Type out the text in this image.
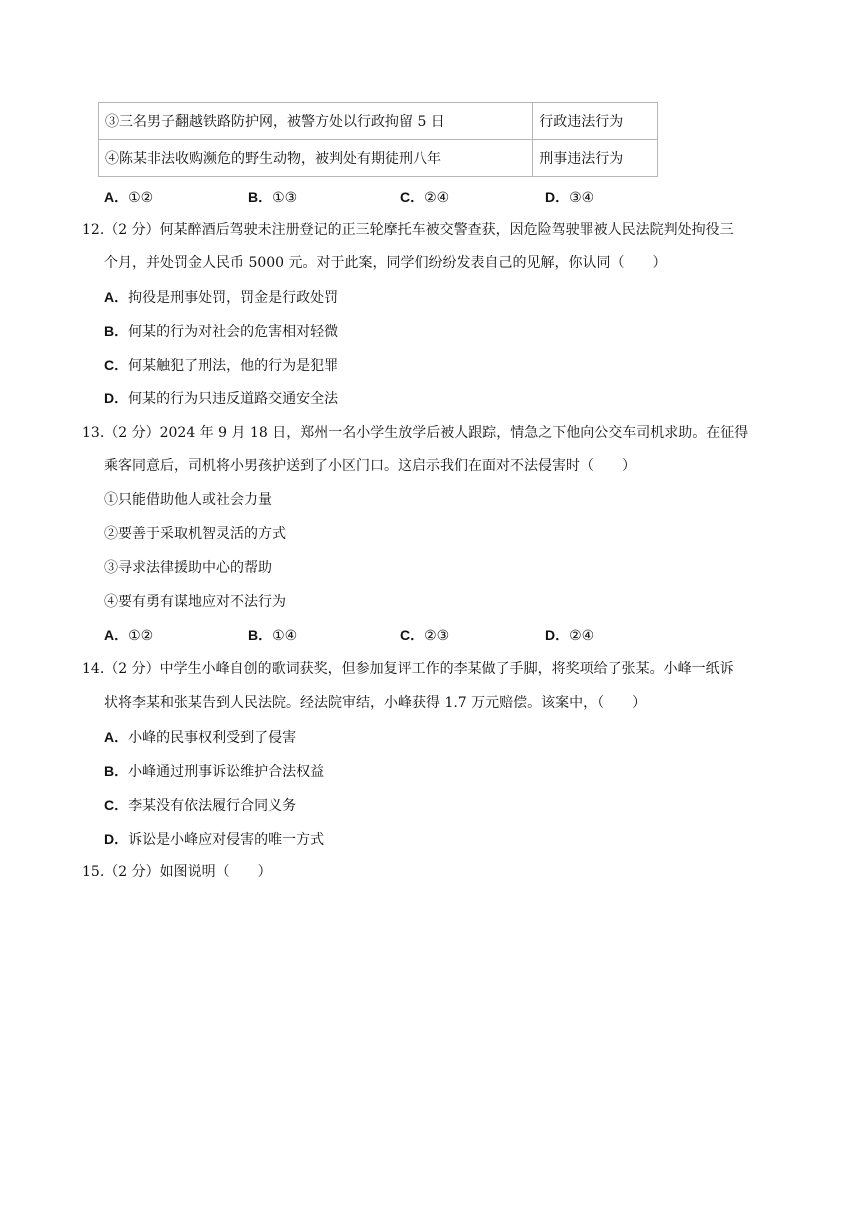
③三名男子翻越铁路防护网，被警方处以行政拘留 5 日	行政违法行为
④陈某非法收购濒危的野生动物，被判处有期徒刑八年	刑事违法行为
A．①②	B．①③	C．②④	D．③④
12.（2 分）何某醉酒后驾驶未注册登记的正三轮摩托车被交警查获，因危险驾驶罪被人民法院判处拘役三
个月，并处罚金人民币 5000 元。对于此案，同学们纷纷发表自己的见解，你认同（　　）
A．拘役是刑事处罚，罚金是行政处罚
B．何某的行为对社会的危害相对轻微
C．何某触犯了刑法，他的行为是犯罪
D．何某的行为只违反道路交通安全法
13.（2 分）2024 年 9 月 18 日，郑州一名小学生放学后被人跟踪，情急之下他向公交车司机求助。在征得
乘客同意后，司机将小男孩护送到了小区门口。这启示我们在面对不法侵害时（　　）
①只能借助他人或社会力量
②要善于采取机智灵活的方式
③寻求法律援助中心的帮助
④要有勇有谋地应对不法行为
A．①②	B．①④	C．②③	D．②④
14.（2 分）中学生小峰自创的歌词获奖，但参加复评工作的李某做了手脚，将奖项给了张某。小峰一纸诉
状将李某和张某告到人民法院。经法院审结，小峰获得 1.7 万元赔偿。该案中，（　　）
A．小峰的民事权利受到了侵害
B．小峰通过刑事诉讼维护合法权益
C．李某没有依法履行合同义务
D．诉讼是小峰应对侵害的唯一方式
15.（2 分）如图说明（　　）
